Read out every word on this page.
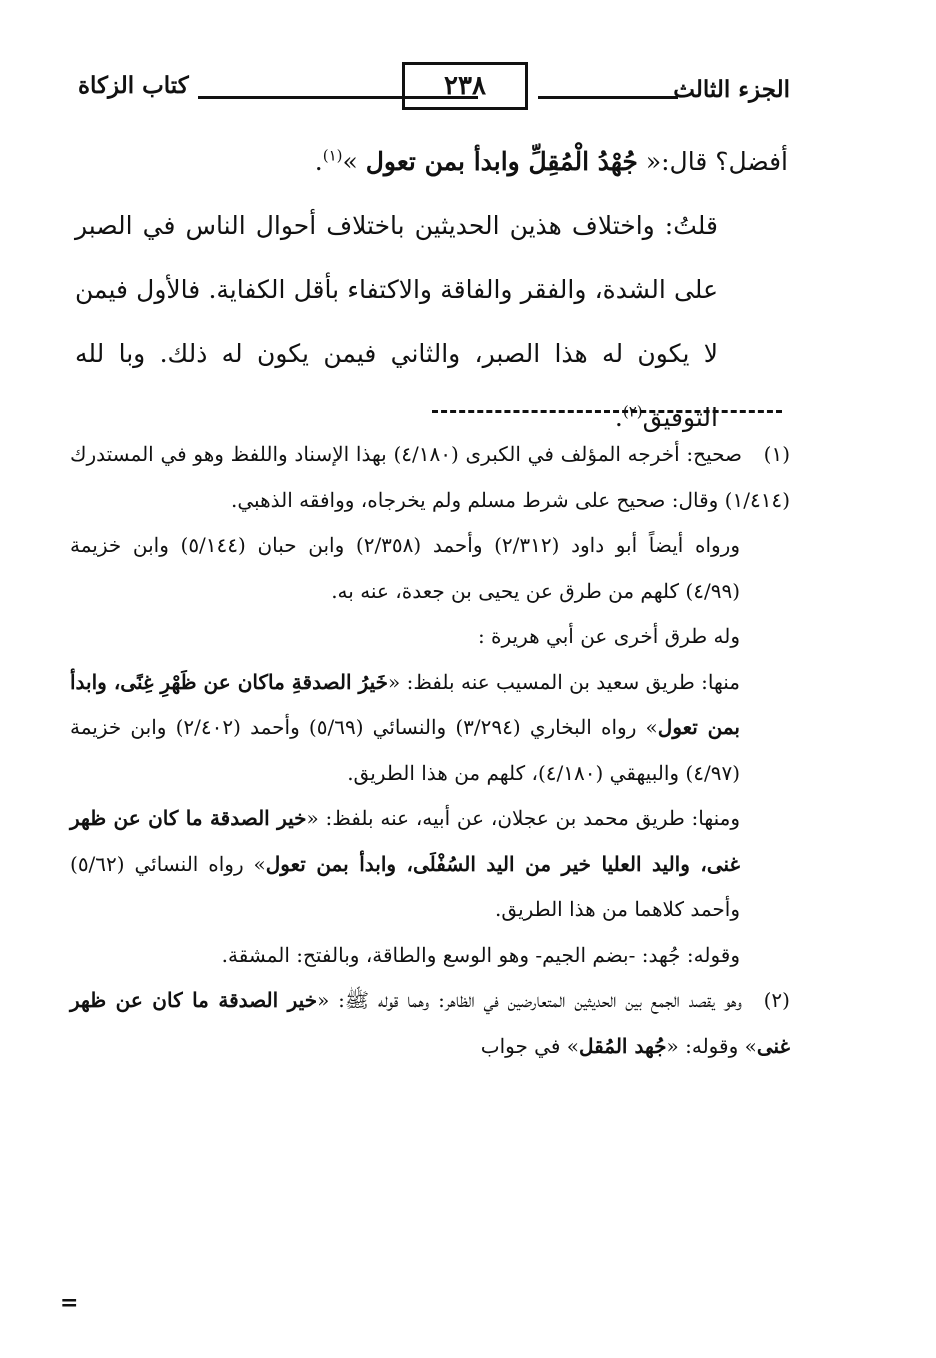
الجزء الثالث
٢٣٨
كتاب الزكاة

أفضل؟ قال:« جُهْدُ الْمُقِلِّ وابدأ بمن تعول »$^{(١)}$.

قلتُ: واختلاف هذين الحديثين باختلاف أحوال الناس في الصبر على الشدة، والفقر والفاقة والاكتفاء بأقل الكفاية. فالأول فيمن لا يكون له هذا الصبر، والثاني فيمن يكون له ذلك. وبا لله التوفيق$^{(٢)}$.

(١)صحيح: أخرجه المؤلف في الكبرى (٤/١٨٠) بهذا الإسناد واللفظ وهو في المستدرك (١/٤١٤) وقال: صحيح على شرط مسلم ولم يخرجاه، ووافقه الذهبي.

ورواه أيضاً أبو داود (٢/٣١٢) وأحمد (٢/٣٥٨) وابن حبان (٥/١٤٤) وابن خزيمة (٤/٩٩) كلهم من طرق عن يحيى بن جعدة، عنه به.

وله طرق أخرى عن أبي هريرة :

منها: طريق سعيد بن المسيب عنه بلفظ: «خَيرُ الصدقةِ ماكان عن ظَهْرِ غِنًى، وابدأ بمن تعول» رواه البخاري (٣/٢٩٤) والنسائي (٥/٦٩) وأحمد (٢/٤٠٢) وابن خزيمة (٤/٩٧) والبيهقي (٤/١٨٠)، كلهم من هذا الطريق.

ومنها: طريق محمد بن عجلان، عن أبيه، عنه بلفظ: «خير الصدقة ما كان عن ظهر غنى، واليد العليا خير من اليد السُفْلَى، وابدأ بمن تعول» رواه النسائي (٥/٦٢) وأحمد كلاهما من هذا الطريق.

وقوله: جُهد: -بضم الجيم- وهو الوسع والطاقة، وبالفتح: المشقة.

(٢)وهو يقصد الجمع بين الحديثين المتعارضين في الظاهر: وهما قوله ﷺ: «خير الصدقة ما كان عن ظهر غنى» وقوله: «جُهد المُقل» في جواب

=
